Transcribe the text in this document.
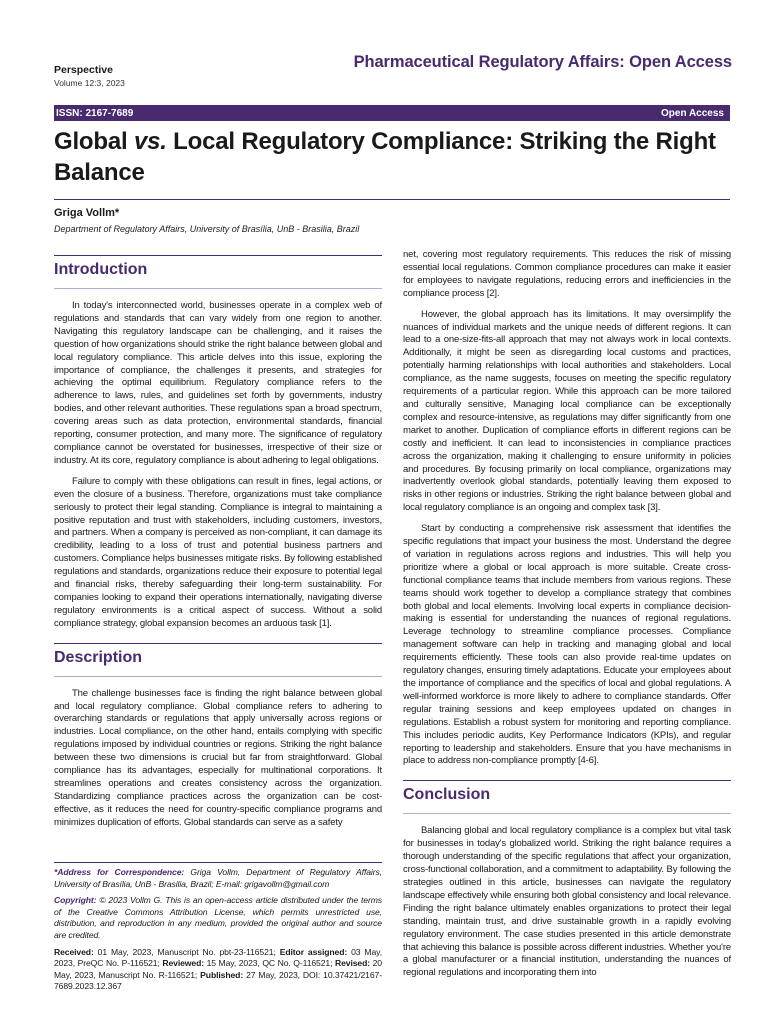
Pharmaceutical Regulatory Affairs: Open Access
Perspective
Volume 12:3, 2023
ISSN: 2167-7689	Open Access
Global vs. Local Regulatory Compliance: Striking the Right Balance
Griga Vollm*
Department of Regulatory Affairs, University of Brasília, UnB - Brasilia, Brazil
Introduction

In today's interconnected world, businesses operate in a complex web of regulations and standards that can vary widely from one region to another. Navigating this regulatory landscape can be challenging, and it raises the question of how organizations should strike the right balance between global and local regulatory compliance. This article delves into this issue, exploring the importance of compliance, the challenges it presents, and strategies for achieving the optimal equilibrium. Regulatory compliance refers to the adherence to laws, rules, and guidelines set forth by governments, industry bodies, and other relevant authorities. These regulations span a broad spectrum, covering areas such as data protection, environmental standards, financial reporting, consumer protection, and many more. The significance of regulatory compliance cannot be overstated for businesses, irrespective of their size or industry. At its core, regulatory compliance is about adhering to legal obligations.

Failure to comply with these obligations can result in fines, legal actions, or even the closure of a business. Therefore, organizations must take compliance seriously to protect their legal standing. Compliance is integral to maintaining a positive reputation and trust with stakeholders, including customers, investors, and partners. When a company is perceived as non-compliant, it can damage its credibility, leading to a loss of trust and potential business partners and customers. Compliance helps businesses mitigate risks. By following established regulations and standards, organizations reduce their exposure to potential legal and financial risks, thereby safeguarding their long-term sustainability. For companies looking to expand their operations internationally, navigating diverse regulatory environments is a critical aspect of success. Without a solid compliance strategy, global expansion becomes an arduous task [1].

Description

The challenge businesses face is finding the right balance between global and local regulatory compliance. Global compliance refers to adhering to overarching standards or regulations that apply universally across regions or industries. Local compliance, on the other hand, entails complying with specific regulations imposed by individual countries or regions. Striking the right balance between these two dimensions is crucial but far from straightforward. Global compliance has its advantages, especially for multinational corporations. It streamlines operations and creates consistency across the organization. Standardizing compliance practices across the organization can be cost-effective, as it reduces the need for country-specific compliance programs and minimizes duplication of efforts. Global standards can serve as a safety

*Address for Correspondence: Griga Vollm, Department of Regulatory Affairs, University of Brasília, UnB - Brasilia, Brazil; E-mail: grigavollm@gmail.com
Copyright: © 2023 Vollm G. This is an open-access article distributed under the terms of the Creative Commons Attribution License, which permits unrestricted use, distribution, and reproduction in any medium, provided the original author and source are credited.
Received: 01 May, 2023, Manuscript No. pbt-23-116521; Editor assigned: 03 May, 2023, PreQC No. P-116521; Reviewed: 15 May, 2023, QC No. Q-116521; Revised: 20 May, 2023, Manuscript No. R-116521; Published: 27 May, 2023, DOI: 10.37421/2167-7689.2023.12.367

net, covering most regulatory requirements. This reduces the risk of missing essential local regulations. Common compliance procedures can make it easier for employees to navigate regulations, reducing errors and inefficiencies in the compliance process [2].

However, the global approach has its limitations. It may oversimplify the nuances of individual markets and the unique needs of different regions. It can lead to a one-size-fits-all approach that may not always work in local contexts. Additionally, it might be seen as disregarding local customs and practices, potentially harming relationships with local authorities and stakeholders. Local compliance, as the name suggests, focuses on meeting the specific regulatory requirements of a particular region. While this approach can be more tailored and culturally sensitive, Managing local compliance can be exceptionally complex and resource-intensive, as regulations may differ significantly from one market to another. Duplication of compliance efforts in different regions can be costly and inefficient. It can lead to inconsistencies in compliance practices across the organization, making it challenging to ensure uniformity in policies and procedures. By focusing primarily on local compliance, organizations may inadvertently overlook global standards, potentially leaving them exposed to risks in other regions or industries. Striking the right balance between global and local regulatory compliance is an ongoing and complex task [3].

Start by conducting a comprehensive risk assessment that identifies the specific regulations that impact your business the most. Understand the degree of variation in regulations across regions and industries. This will help you prioritize where a global or local approach is more suitable. Create cross-functional compliance teams that include members from various regions. These teams should work together to develop a compliance strategy that combines both global and local elements. Involving local experts in compliance decision-making is essential for understanding the nuances of regional regulations. Leverage technology to streamline compliance processes. Compliance management software can help in tracking and managing global and local requirements efficiently. These tools can also provide real-time updates on regulatory changes, ensuring timely adaptations. Educate your employees about the importance of compliance and the specifics of local and global regulations. A well-informed workforce is more likely to adhere to compliance standards. Offer regular training sessions and keep employees updated on changes in regulations. Establish a robust system for monitoring and reporting compliance. This includes periodic audits, Key Performance Indicators (KPIs), and regular reporting to leadership and stakeholders. Ensure that you have mechanisms in place to address non-compliance promptly [4-6].

Conclusion

Balancing global and local regulatory compliance is a complex but vital task for businesses in today's globalized world. Striking the right balance requires a thorough understanding of the specific regulations that affect your organization, cross-functional collaboration, and a commitment to adaptability. By following the strategies outlined in this article, businesses can navigate the regulatory landscape effectively while ensuring both global consistency and local relevance. Finding the right balance ultimately enables organizations to protect their legal standing, maintain trust, and drive sustainable growth in a rapidly evolving regulatory environment. The case studies presented in this article demonstrate that achieving this balance is possible across different industries. Whether you're a global manufacturer or a financial institution, understanding the nuances of regional regulations and incorporating them into
